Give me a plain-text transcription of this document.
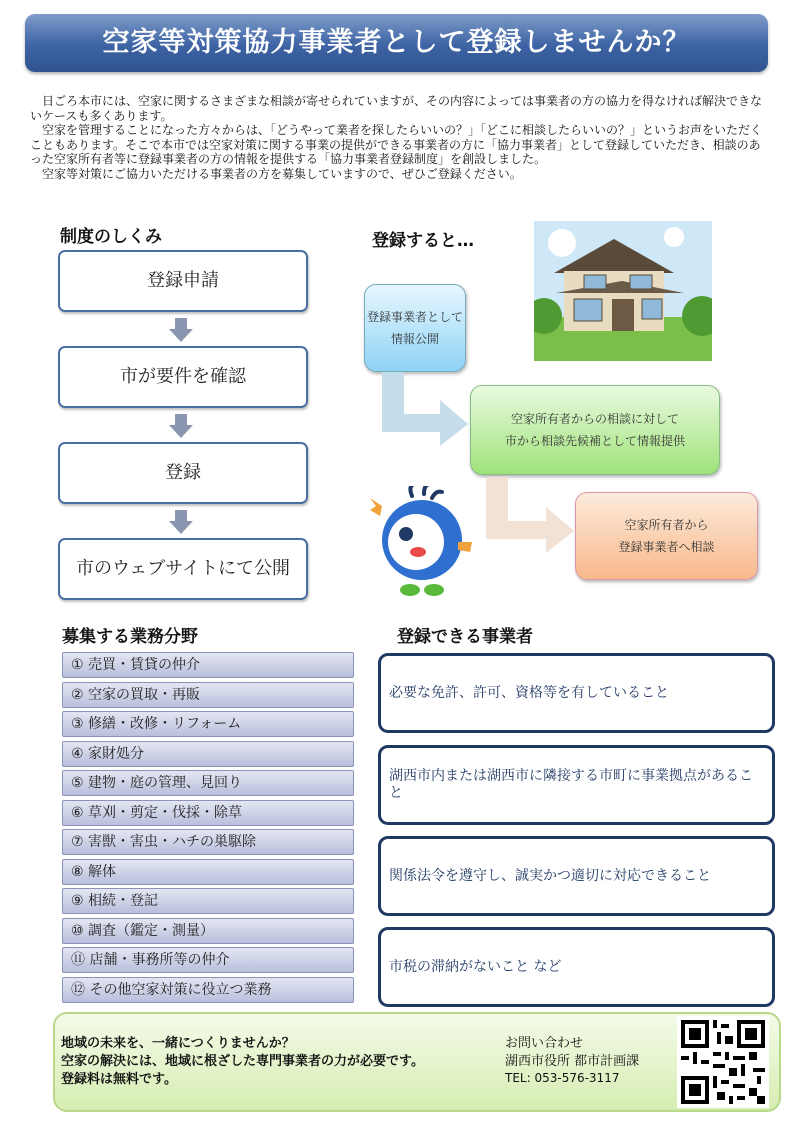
空家等対策協力事業者として登録しませんか？

日ごろ本市には、空家に関するさまざまな相談が寄せられていますが、その内容によっては事業者の方の協力を得なければ解決できないケースも多くあります。

空家を管理することになった方々からは、「どうやって業者を探したらいいの？」「どこに相談したらいいの？」というお声をいただくこともあります。そこで本市では空家対策に関する事業の提供ができる事業者の方に「協力事業者」として登録していただき、相談のあった空家所有者等に登録事業者の方の情報を提供する「協力事業者登録制度」を創設しました。

空家等対策にご協力いただける事業者の方を募集していますので、ぜひご登録ください。

制度のしくみ
登録申請
市が要件を確認
登録
市のウェブサイトにて公開
登録すると…
登録事業者として
情報公開
空家所有者からの相談に対して
市から相談先候補として情報提供
空家所有者から
登録事業者へ相談
募集する業務分野
① 売買・賃貸の仲介
② 空家の買取・再販
③ 修繕・改修・リフォーム
④ 家財処分
⑤ 建物・庭の管理、見回り
⑥ 草刈・剪定・伐採・除草
⑦ 害獣・害虫・ハチの巣駆除
⑧ 解体
⑨ 相続・登記
⑩ 調査（鑑定・測量）
⑪ 店舗・事務所等の仲介
⑫ その他空家対策に役立つ業務
登録できる事業者
必要な免許、許可、資格等を有していること
湖西市内または湖西市に隣接する市町に事業拠点があること
関係法令を遵守し、誠実かつ適切に対応できること
市税の滞納がないこと など
地域の未来を、一緒につくりませんか？
空家の解決には、地域に根ざした専門事業者の力が必要です。
登録料は無料です。
お問い合わせ
湖西市役所 都市計画課
TEL: 053-576-3117
